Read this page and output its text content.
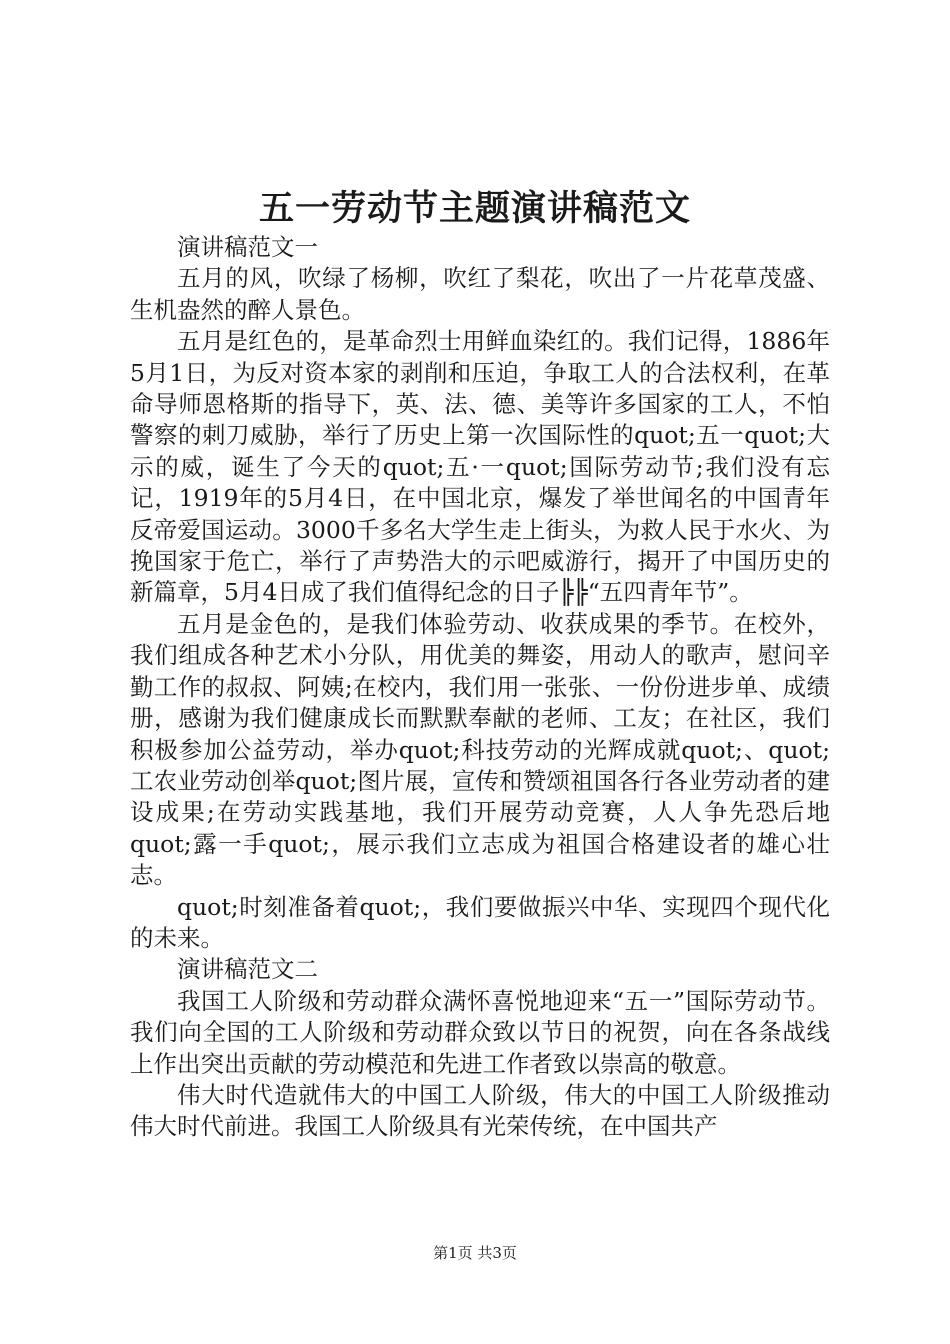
五一劳动节主题演讲稿范文

演讲稿范文一

五月的风，吹绿了杨柳，吹红了梨花，吹出了一片花草茂盛、生机盎然的醉人景色。

五月是红色的，是革命烈士用鲜血染红的。我们记得，1886年5月1日，为反对资本家的剥削和压迫，争取工人的合法权利，在革命导师恩格斯的指导下，英、法、德、美等许多国家的工人，不怕警察的刺刀威胁，举行了历史上第一次国际性的quot;五一quot;大示的威，诞生了今天的quot;五·一quot;国际劳动节;我们没有忘记，1919年的5月4日，在中国北京，爆发了举世闻名的中国青年反帝爱国运动。3000千多名大学生走上街头，为救人民于水火、为挽国家于危亡，举行了声势浩大的示吧威游行，揭开了中国历史的新篇章，5月4日成了我们值得纪念的日子╠╠“五四青年节”。

五月是金色的，是我们体验劳动、收获成果的季节。在校外，我们组成各种艺术小分队，用优美的舞姿，用动人的歌声，慰问辛勤工作的叔叔、阿姨;在校内，我们用一张张、一份份进步单、成绩册，感谢为我们健康成长而默默奉献的老师、工友；在社区，我们积极参加公益劳动，举办quot;科技劳动的光辉成就quot;、quot;工农业劳动创举quot;图片展，宣传和赞颂祖国各行各业劳动者的建设成果;在劳动实践基地，我们开展劳动竞赛，人人争先恐后地quot;露一手quot;，展示我们立志成为祖国合格建设者的雄心壮志。

quot;时刻准备着quot;，我们要做振兴中华、实现四个现代化的未来。

演讲稿范文二

我国工人阶级和劳动群众满怀喜悦地迎来“五一”国际劳动节。我们向全国的工人阶级和劳动群众致以节日的祝贺，向在各条战线上作出突出贡献的劳动模范和先进工作者致以崇高的敬意。

伟大时代造就伟大的中国工人阶级，伟大的中国工人阶级推动伟大时代前进。我国工人阶级具有光荣传统，在中国共产

第1页 共3页
